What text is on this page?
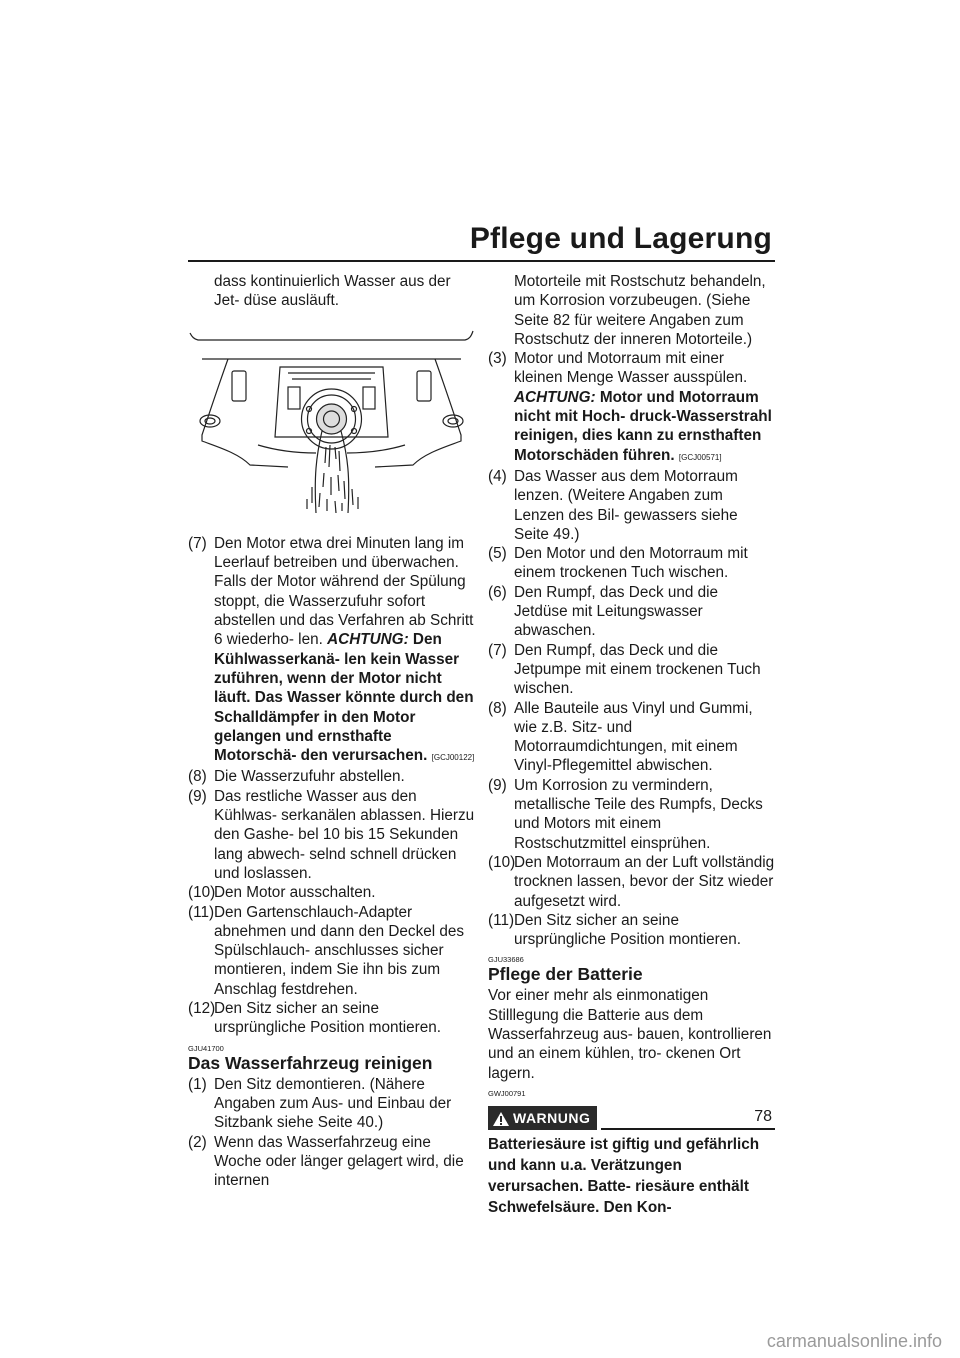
Pflege und Lagerung

dass kontinuierlich Wasser aus der Jet- düse ausläuft.

(7) Den Motor etwa drei Minuten lang im Leerlauf betreiben und überwachen. Falls der Motor während der Spülung stoppt, die Wasserzufuhr sofort abstellen und das Verfahren ab Schritt 6 wiederho- len. ACHTUNG: Den Kühlwasserkanä- len kein Wasser zuführen, wenn der Motor nicht läuft. Das Wasser könnte durch den Schalldämpfer in den Motor gelangen und ernsthafte Motorschä- den verursachen. [GCJ00122]
(8) Die Wasserzufuhr abstellen.
(9) Das restliche Wasser aus den Kühlwas- serkanälen ablassen. Hierzu den Gashe- bel 10 bis 15 Sekunden lang abwech- selnd schnell drücken und loslassen.
(10)
Den Motor ausschalten.
(11) Den Gartenschlauch-Adapter abnehmen und dann den Deckel des Spülschlauch- anschlusses sicher montieren, indem Sie ihn bis zum Anschlag festdrehen.
(12)
Den Sitz sicher an seine ursprüngliche Position montieren.
GJU41700
Das Wasserfahrzeug reinigen
(1) Den Sitz demontieren. (Nähere Angaben zum Aus- und Einbau der Sitzbank siehe Seite 40.)
(2) Wenn das Wasserfahrzeug eine Woche oder länger gelagert wird, die internen

Motorteile mit Rostschutz behandeln, um Korrosion vorzubeugen. (Siehe Seite 82 für weitere Angaben zum Rostschutz der inneren Motorteile.)

(3) Motor und Motorraum mit einer kleinen Menge Wasser ausspülen. ACHTUNG: Motor und Motorraum nicht mit Hoch- druck-Wasserstrahl reinigen, dies kann zu ernsthaften Motorschäden führen. [GCJ00571]
(4) Das Wasser aus dem Motorraum lenzen. (Weitere Angaben zum Lenzen des Bil- gewassers siehe Seite 49.)
(5) Den Motor und den Motorraum mit einem trockenen Tuch wischen.
(6) Den Rumpf, das Deck und die Jetdüse mit Leitungswasser abwaschen.
(7) Den Rumpf, das Deck und die Jetpumpe mit einem trockenen Tuch wischen.
(8) Alle Bauteile aus Vinyl und Gummi, wie z.B. Sitz- und Motorraumdichtungen, mit einem Vinyl-Pflegemittel abwischen.
(9) Um Korrosion zu vermindern, metallische Teile des Rumpfs, Decks und Motors mit einem Rostschutzmittel einsprühen.
(10)
Den Motorraum an der Luft vollständig trocknen lassen, bevor der Sitz wieder aufgesetzt wird.
(11) Den Sitz sicher an seine ursprüngliche Position montieren.
GJU33686
Pflege der Batterie

Vor einer mehr als einmonatigen Stilllegung die Batterie aus dem Wasserfahrzeug aus- bauen, kontrollieren und an einem kühlen, tro- ckenen Ort lagern.

GWJ00791
WARNUNG

Batteriesäure ist giftig und gefährlich und kann u.a. Verätzungen verursachen. Batte- riesäure enthält Schwefelsäure. Den Kon-

78
carmanualsonline.info
